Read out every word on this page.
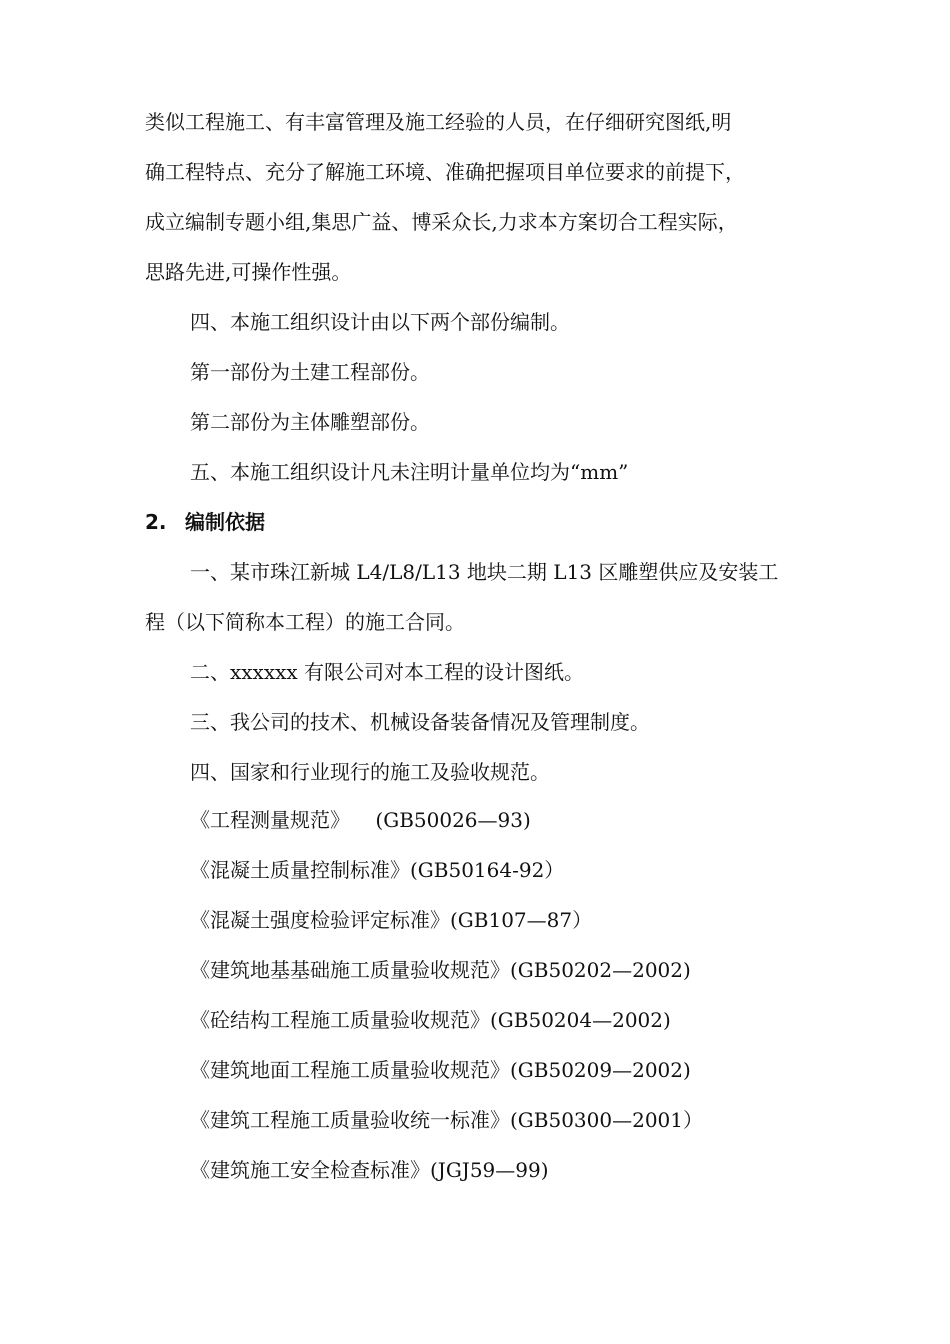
类似工程施工、有丰富管理及施工经验的人员，在仔细研究图纸,明
确工程特点、充分了解施工环境、准确把握项目单位要求的前提下，
成立编制专题小组,集思广益、博采众长,力求本方案切合工程实际，
思路先进,可操作性强。
四、本施工组织设计由以下两个部份编制。
第一部份为土建工程部份。
第二部份为主体雕塑部份。
五、本施工组织设计凡未注明计量单位均为“mm”
2. 编制依据
一、某市珠江新城 L4/L8/L13 地块二期 L13 区雕塑供应及安装工
程（以下简称本工程）的施工合同。
二、xxxxxx 有限公司对本工程的设计图纸。
三、我公司的技术、机械设备装备情况及管理制度。
四、国家和行业现行的施工及验收规范。
《工程测量规范》    (GB50026—93)
《混凝土质量控制标准》(GB50164-92）
《混凝土强度检验评定标准》(GB107—87）
《建筑地基基础施工质量验收规范》(GB50202—2002)
《砼结构工程施工质量验收规范》(GB50204—2002)
《建筑地面工程施工质量验收规范》(GB50209—2002)
《建筑工程施工质量验收统一标准》(GB50300—2001）
《建筑施工安全检查标准》(JGJ59—99)
